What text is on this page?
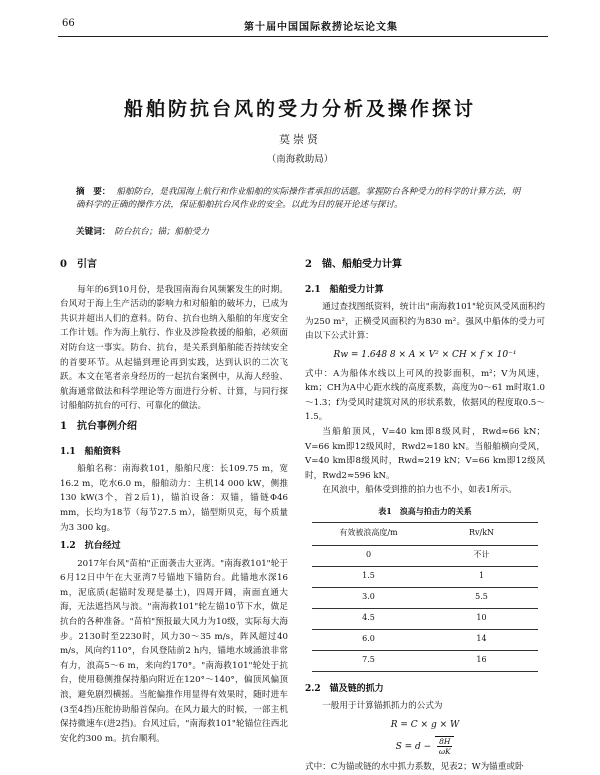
66	第十届中国国际救捞论坛论文集
船舶防抗台风的受力分析及操作探讨
莫崇贤
（南海救助局）
摘　要： 船舶防台，是我国海上航行和作业船舶的实际操作者承担的话题。掌握防台各种受力的科学的计算方法，明确科学的正确的操作方法，保证船舶抗台风作业的安全。以此为目的展开论述与探讨。
关键词： 防台抗台；锚；船舶受力
0　引言

每年的6到10月份，是我国南海台风频繁发生的时期。台风对于海上生产活动的影响力和对船舶的破坏力，已成为共识并超出人们的意料。防台、抗台也纳入船舶的年度安全工作计划。作为海上航行、作业及涉险救援的船舶，必须面对防台这一事实。防台、抗台，是关系到船舶能否持续安全的首要环节。从起锚到理论再到实践，达到认识的二次飞跃。本文在笔者亲身经历的一起抗台案例中，从海人经验、航海通常做法和科学理论等方面进行分析、计算，与同行探讨船舶防抗台的可行、可靠化的做法。

1　抗台事例介绍
1.1　船舶资料

船舶名称：南海救101，船舶尺度：长109.75 m，宽16.2 m，吃水6.0 m，船舶动力：主机14 000 kW，侧推130 kW(3个，首2后1)，锚泊设备：双锚，锚链Φ46 mm，长均为18节（每节27.5 m），锚型斯贝克，每个质量为3 300 kg。

1.2　抗台经过

2017年台风"苗柏"正面袭击大亚湾。"南海救101"轮于6月12日中午在大亚湾7号锚地下锚防台。此锚地水深16 m，泥底质(起锚时发现是暴土)，四周开阔，南面直通大海，无法遮挡风与浪。"南海救101"轮左锚10节下水，做足抗台的各种准备。"苗柏"预报最大风力为10级，实际每大海步。2130时至2230时，风力30～35 m/s，阵风超过40 m/s，风向约110°，台风登陆前2 h内，锚地水域涌浪非常有力，浪高5～6 m，来向约170°。"南海救101"轮处于抗台，使用稳侧推保持船向附近在120°～140°，偏顶风偏顶浪，避免剧烈横摇。当舵偏推作用显得有效果时，随时进车(3至4挡)压舵协助船首保向。在风力最大的时候，一部主机保持微速车(进2挡)。台风过后，"南海救101"轮锚位往西北安化约300 m。抗台顺利。

2　锚、船舶受力计算
2.1　船舶受力计算

通过查找图纸资料，统计出"南海救101"轮页风受风面积约为250 m²，正横受风面积约为830 m²。强风中船体的受力可由以下公式计算：

Rw = 1.648 8 × A × V² × CH × f × 10⁻¹

式中：A为船体水线以上可风的投影面积，m²；V为风速，km；CH为A中心距水线的高度系数，高度为0～61 m时取1.0～1.3；f为受风时建筑对风的形状系数，依据风的程度取0.5～1.5。

当船舶顶风，V=40 km即8级风时，Rwd≈66 kN；V=66 km即12级风时，Rwd2≈180 kN。当船舶横向受风，V=40 km即8级风时，Rwd≈219 kN；V=66 km即12级风时，Rwd2≈596 kN。

在风浪中，船体受到推的拍力也不小，如表1所示。

表1　浪高与拍击力的关系
有效被浪高度/m	Rv/kN
0	不计
1.5	1
3.0	5.5
4.5	10
6.0	14
7.5	16
2.2　锚及链的抓力

一般用于计算锚抓抓力的公式为

R = C × g × W
$S = d - \frac{8H}{\omega K}$

式中：C为锚或链的水中抓力系数，见表2；W为锚重或卧
